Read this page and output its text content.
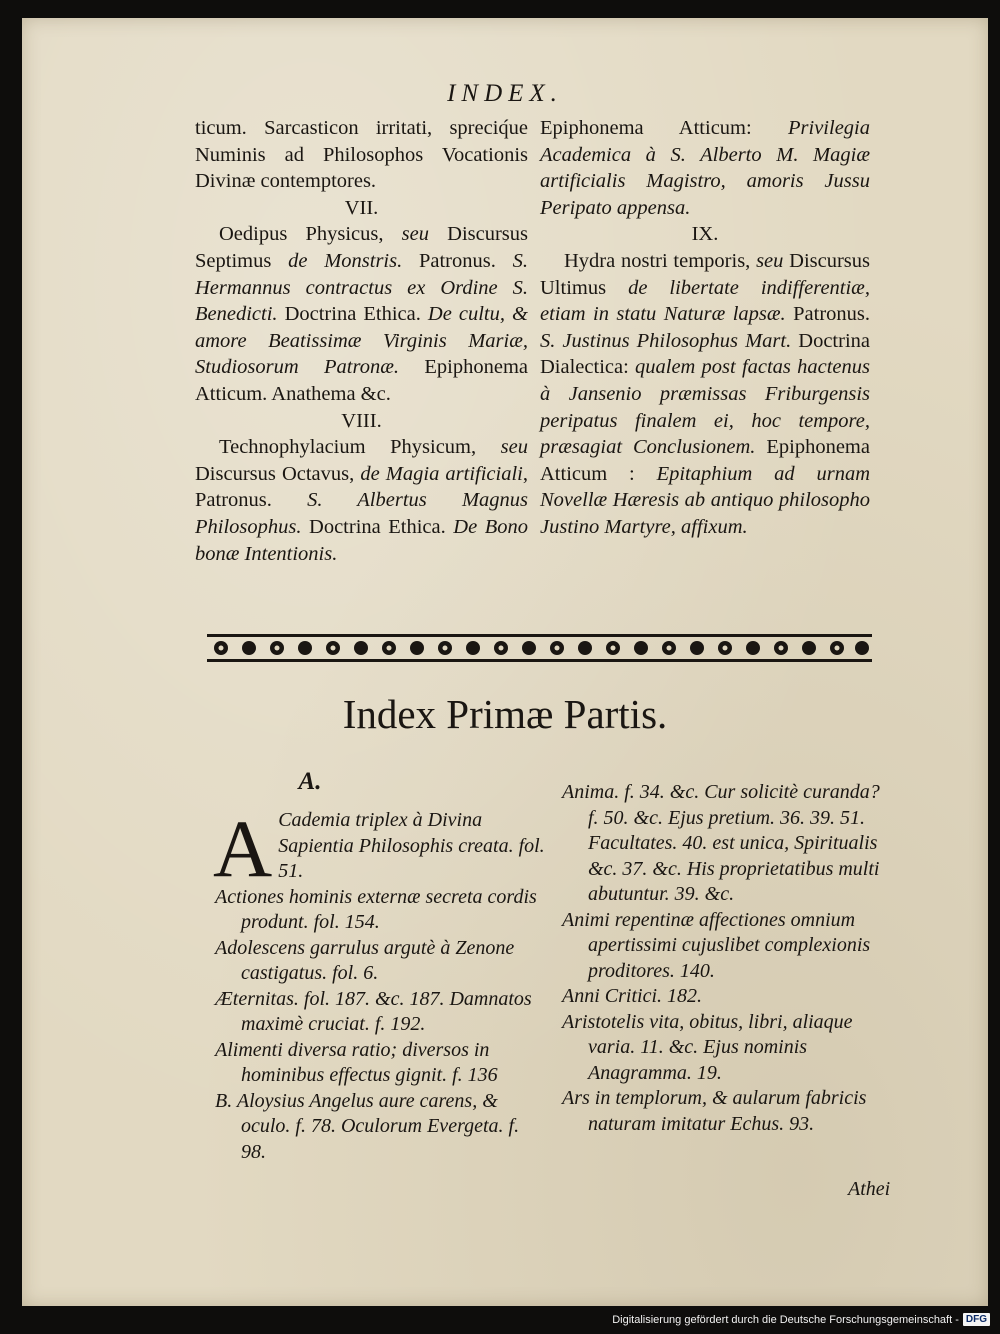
INDEX.

ticum. Sarcasticon irritati, spreciq́ue Numinis ad Philosophos Vocationis Divinæ contemptores.

VII.

Oedipus Physicus, seu Discursus Septimus de Monstris. Patronus. S. Hermannus contractus ex Ordine S. Benedicti. Doctrina Ethica. De cultu, & amore Beatissimæ Virginis Mariæ, Studiosorum Patronæ. Epiphonema Atticum. Anathema &c.

VIII.

Technophylacium Physicum, seu Discursus Octavus, de Magia artificiali, Patronus. S. Albertus Magnus Philosophus. Doctrina Ethica. De Bono bonæ Intentionis.

Epiphonema Atticum: Privilegia Academica à S. Alberto M. Magiæ artificialis Magistro, amoris Jussu Peripato appensa.

IX.

Hydra nostri temporis, seu Discursus Ultimus de libertate indifferentiæ, etiam in statu Naturæ lapsæ. Patronus. S. Justinus Philosophus Mart. Doctrina Dialectica: qualem post factas hactenus à Jansenio præmissas Friburgensis peripatus finalem ei, hoc tempore, præsagiat Conclusionem. Epiphonema Atticum : Epitaphium ad urnam Novellæ Hæresis ab antiquo philosopho Justino Martyre, affixum.

Index Primæ Partis.
A.

A Cademia triplex à Divina Sapientia Philosophis creata. fol. 51.

Actiones hominis externæ secreta cordis produnt. fol. 154.

Adolescens garrulus argutè à Zenone castigatus. fol. 6.

Æternitas. fol. 187. &c. 187. Damnatos maximè cruciat. f. 192.

Alimenti diversa ratio; diversos in hominibus effectus gignit. f. 136

B. Aloysius Angelus aure carens, & oculo. f. 78. Oculorum Evergeta. f. 98.

Anima. f. 34. &c. Cur solicitè curanda? f. 50. &c. Ejus pretium. 36. 39. 51. Facultates. 40. est unica, Spiritualis &c. 37. &c. His proprietatibus multi abutuntur. 39. &c.

Animi repentinæ affectiones omnium apertissimi cujuslibet complexionis proditores. 140.

Anni Critici. 182.

Aristotelis vita, obitus, libri, aliaque varia. 11. &c. Ejus nominis Anagramma. 19.

Ars in templorum, & aularum fabricis naturam imitatur Echus. 93.

Athei
Digitalisierung gefördert durch die Deutsche Forschungsgemeinschaft - DFG
